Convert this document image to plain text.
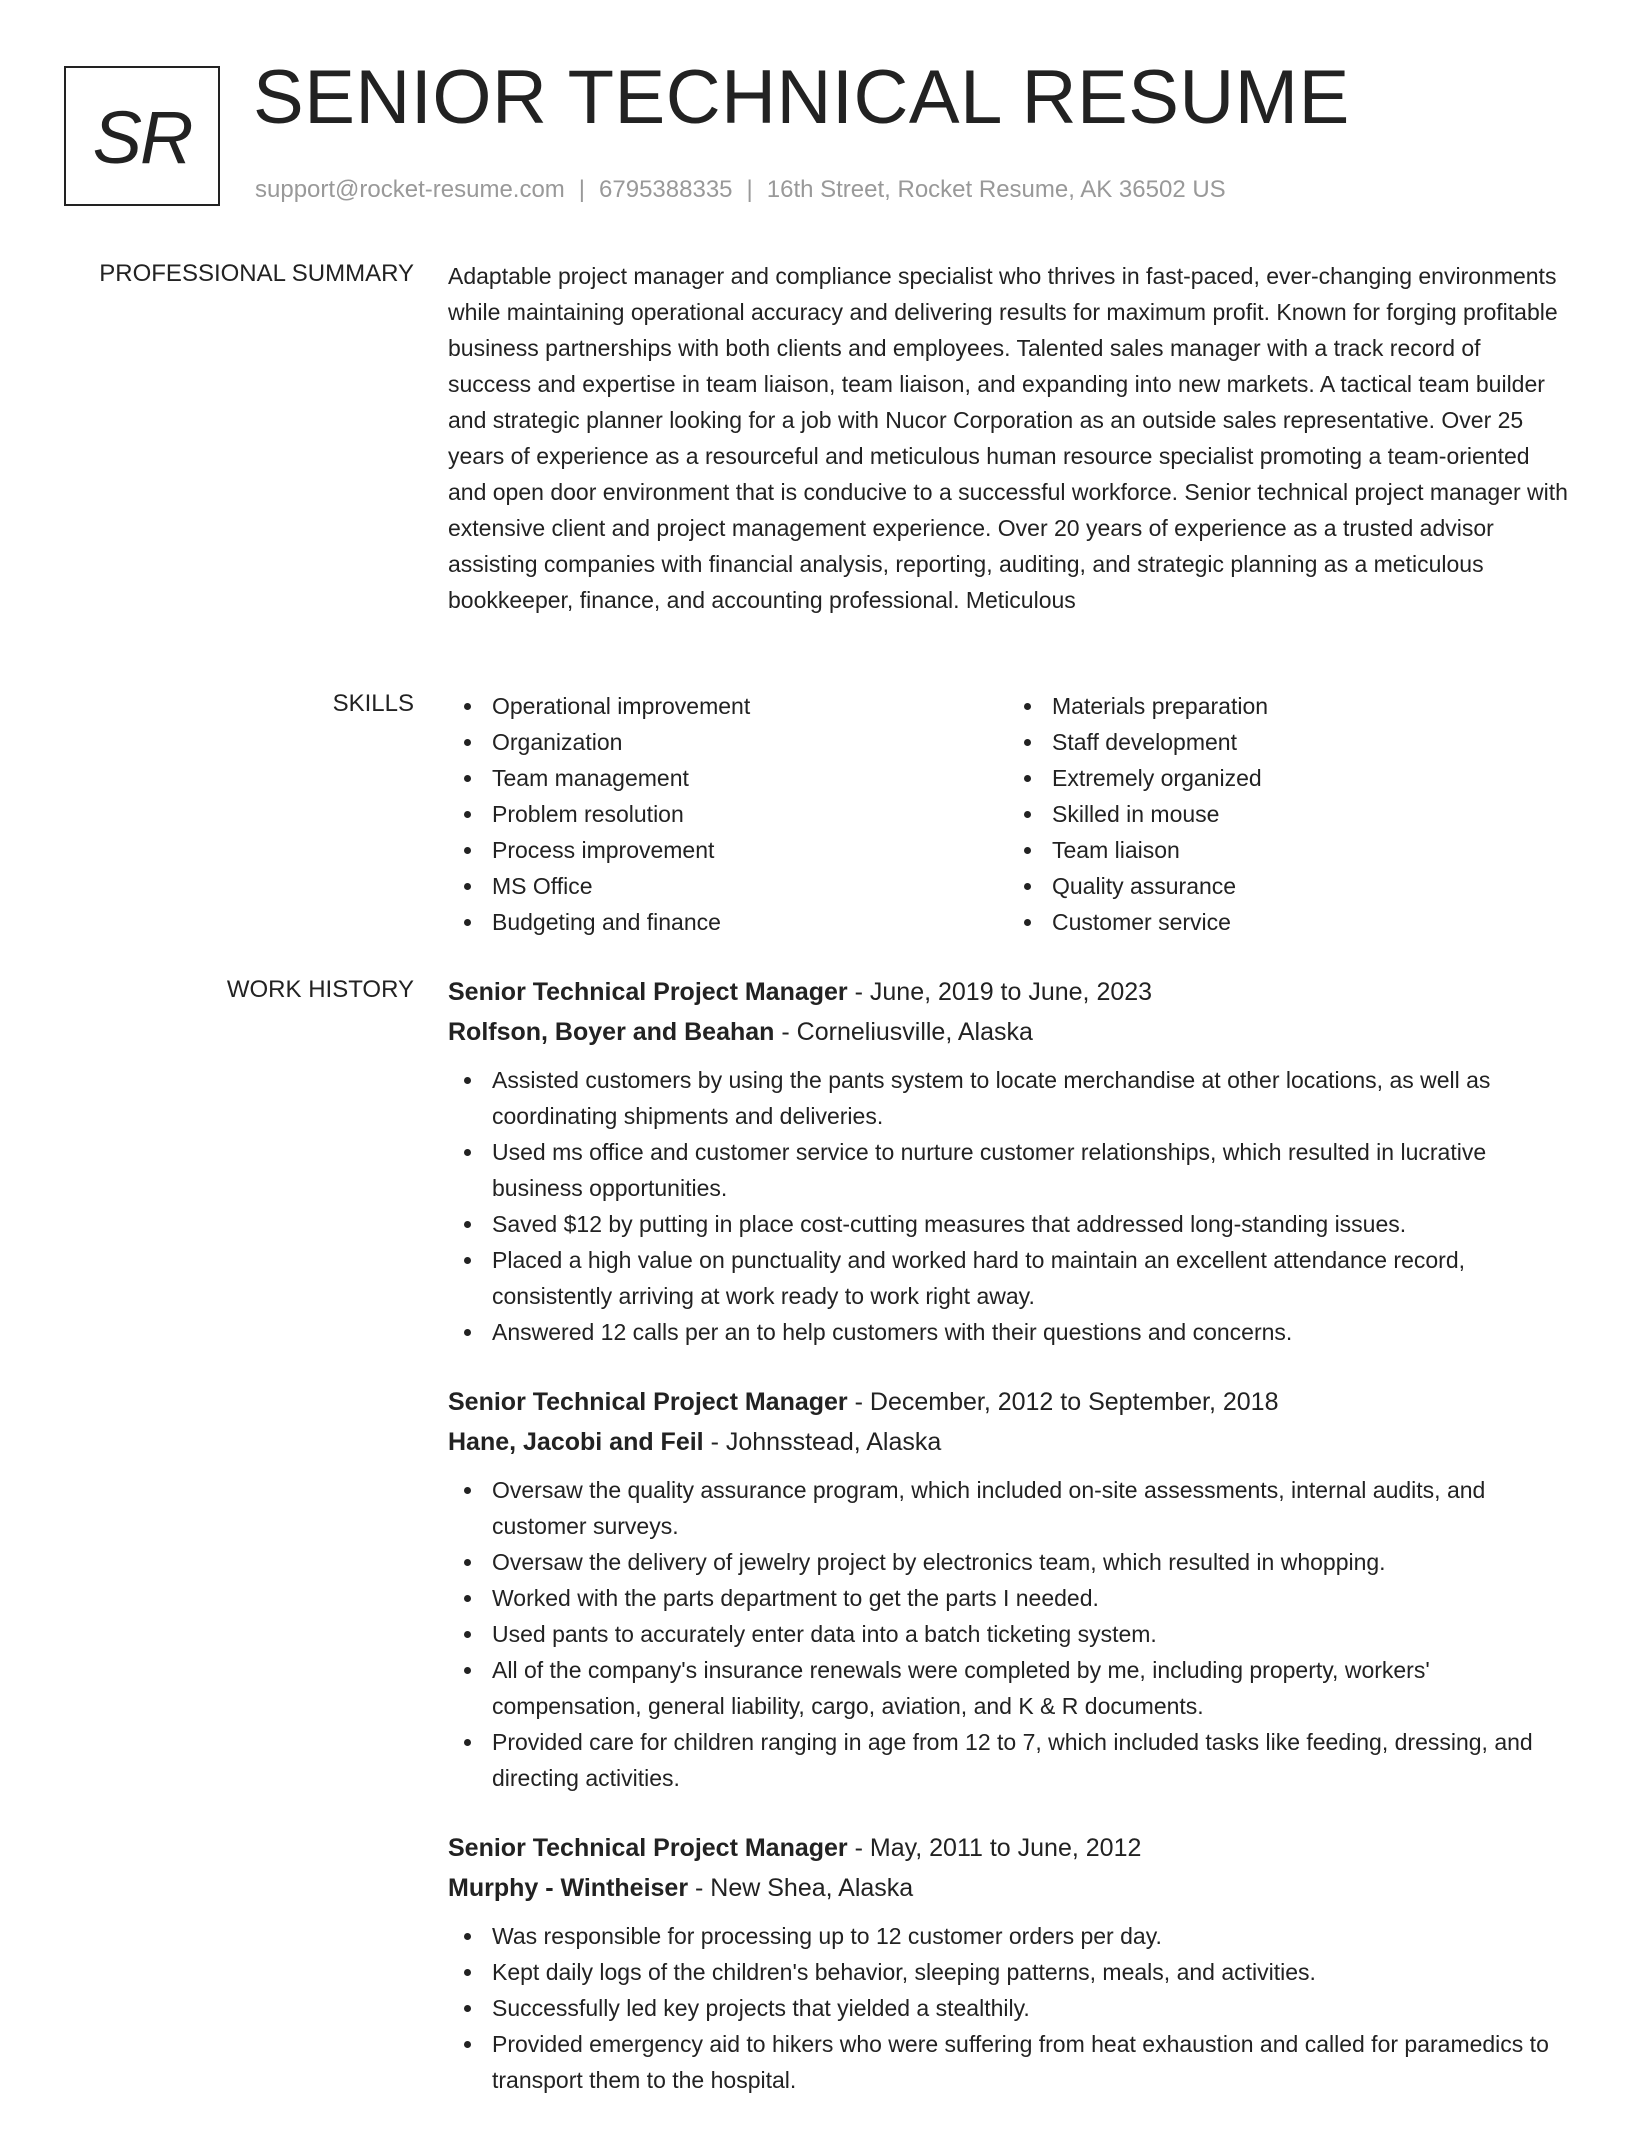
SR SENIOR TECHNICAL RESUME
support@rocket-resume.com | 6795388335 | 16th Street, Rocket Resume, AK 36502 US
PROFESSIONAL SUMMARY Adaptable project manager and compliance specialist who thrives in fast-paced, ever-changing environments while maintaining operational accuracy and delivering results for maximum profit. Known for forging profitable business partnerships with both clients and employees. Talented sales manager with a track record of success and expertise in team liaison, team liaison, and expanding into new markets. A tactical team builder and strategic planner looking for a job with Nucor Corporation as an outside sales representative. Over 25 years of experience as a resourceful and meticulous human resource specialist promoting a team-oriented and open door environment that is conducive to a successful workforce. Senior technical project manager with extensive client and project management experience. Over 20 years of experience as a trusted advisor assisting companies with financial analysis, reporting, auditing, and strategic planning as a meticulous bookkeeper, finance, and accounting professional. Meticulous

SKILLS	Operational improvement
Organization
Team management
Problem resolution
Process improvement
MS Office
Budgeting and finance
Materials preparation
Staff development
Extremely organized
Skilled in mouse
Team liaison
Quality assurance
Customer service
WORK HISTORY Senior Technical Project Manager - June, 2019 to June, 2023
Rolfson, Boyer and Beahan - Corneliusville, Alaska
Assisted customers by using the pants system to locate merchandise at other locations, as well as coordinating shipments and deliveries.
Used ms office and customer service to nurture customer relationships, which resulted in lucrative business opportunities.
Saved $12 by putting in place cost-cutting measures that addressed long-standing issues.
Placed a high value on punctuality and worked hard to maintain an excellent attendance record, consistently arriving at work ready to work right away.
Answered 12 calls per an to help customers with their questions and concerns.
Senior Technical Project Manager - December, 2012 to September, 2018
Hane, Jacobi and Feil - Johnsstead, Alaska
Oversaw the quality assurance program, which included on-site assessments, internal audits, and customer surveys.
Oversaw the delivery of jewelry project by electronics team, which resulted in whopping.
Worked with the parts department to get the parts I needed.
Used pants to accurately enter data into a batch ticketing system.
All of the company's insurance renewals were completed by me, including property, workers' compensation, general liability, cargo, aviation, and K & R documents.
Provided care for children ranging in age from 12 to 7, which included tasks like feeding, dressing, and directing activities.
Senior Technical Project Manager - May, 2011 to June, 2012
Murphy - Wintheiser - New Shea, Alaska
Was responsible for processing up to 12 customer orders per day.
Kept daily logs of the children's behavior, sleeping patterns, meals, and activities.
Successfully led key projects that yielded a stealthily.
Provided emergency aid to hikers who were suffering from heat exhaustion and called for paramedics to transport them to the hospital.
